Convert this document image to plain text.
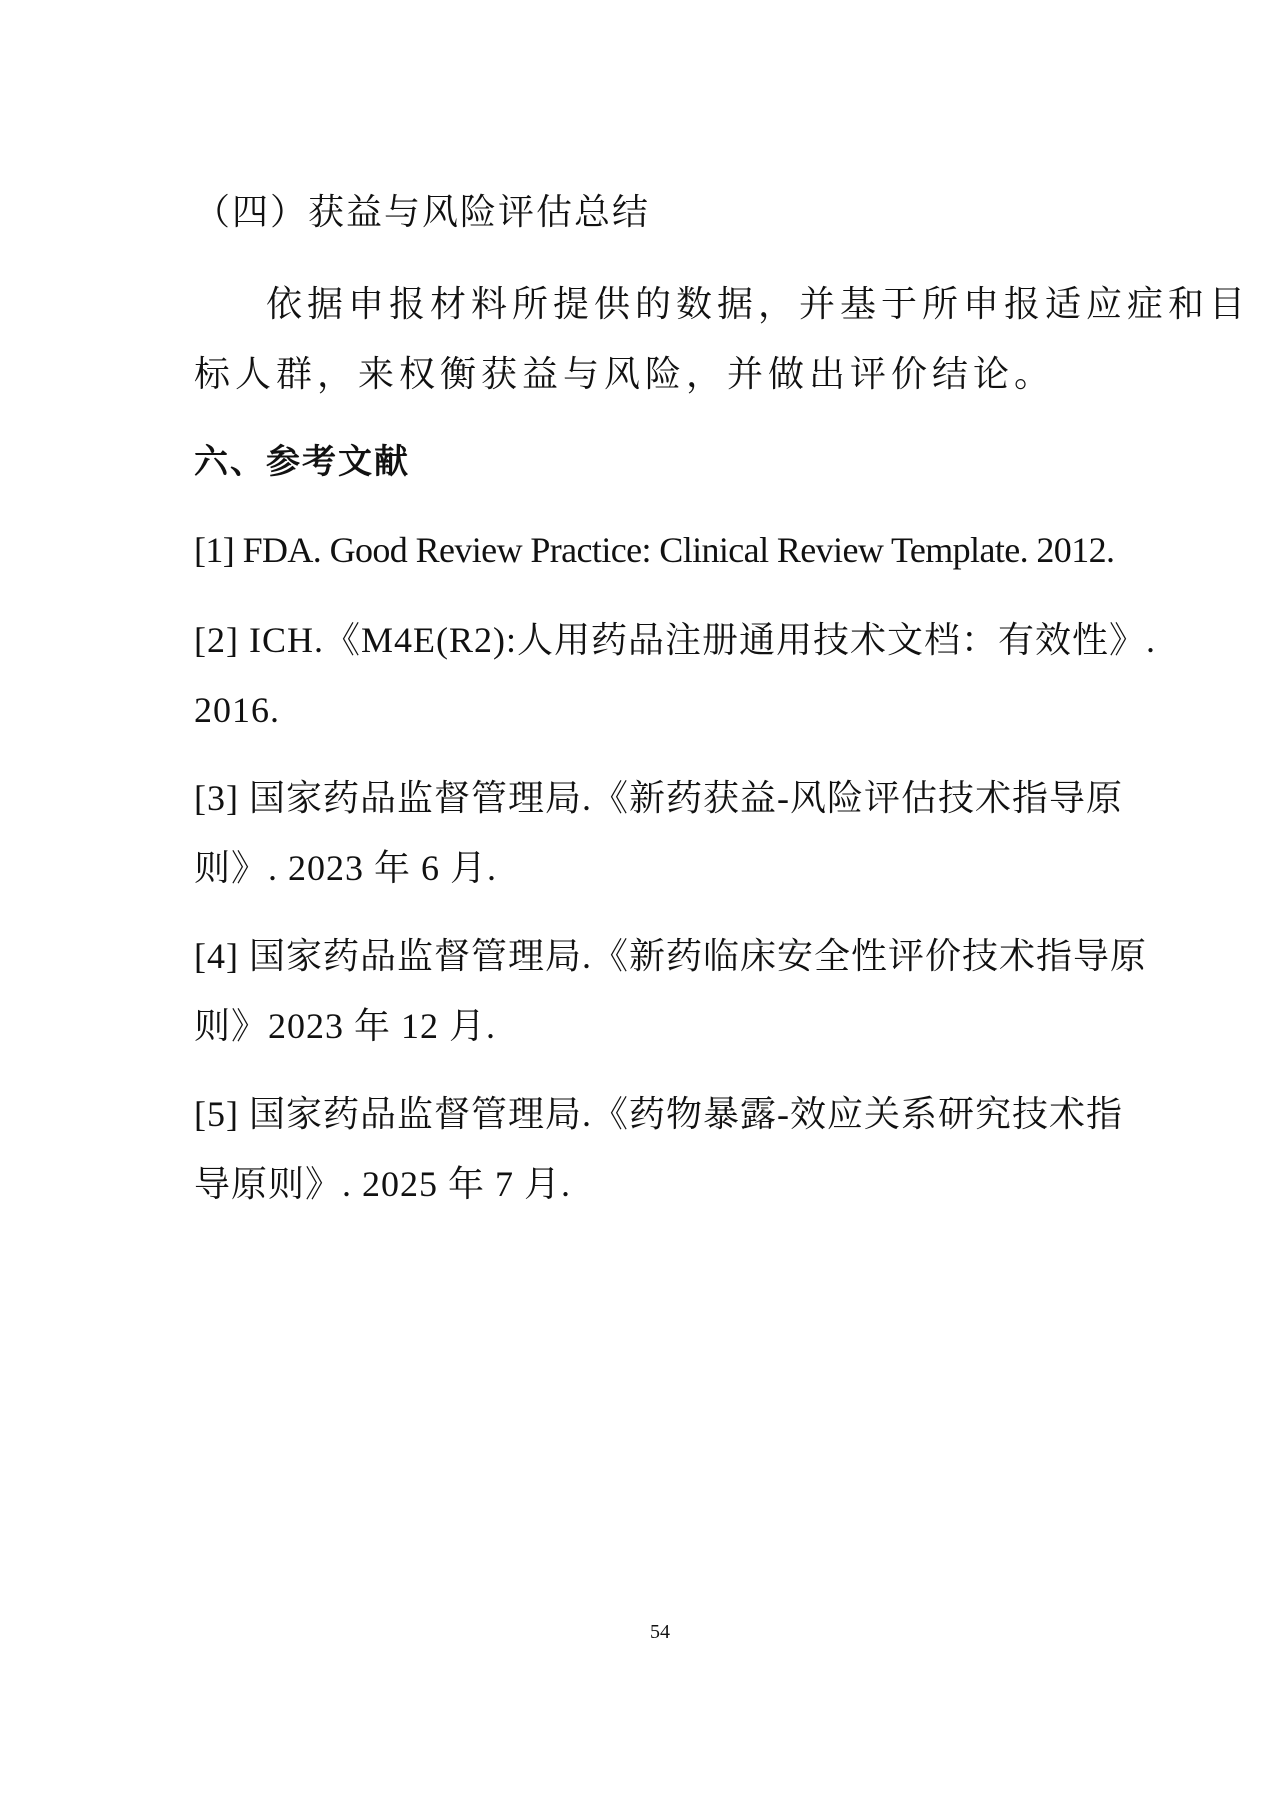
（四）获益与风险评估总结
依据申报材料所提供的数据，并基于所申报适应症和目
标人群，来权衡获益与风险，并做出评价结论。
六、参考文献
[1] FDA. Good Review Practice: Clinical Review Template. 2012.
[2] ICH.《M4E(R2):人用药品注册通用技术文档：有效性》.
2016.
[3] 国家药品监督管理局.《新药获益-风险评估技术指导原
则》. 2023 年 6 月.
[4] 国家药品监督管理局.《新药临床安全性评价技术指导原
则》2023 年 12 月.
[5] 国家药品监督管理局.《药物暴露-效应关系研究技术指
导原则》. 2025 年 7 月.
54
